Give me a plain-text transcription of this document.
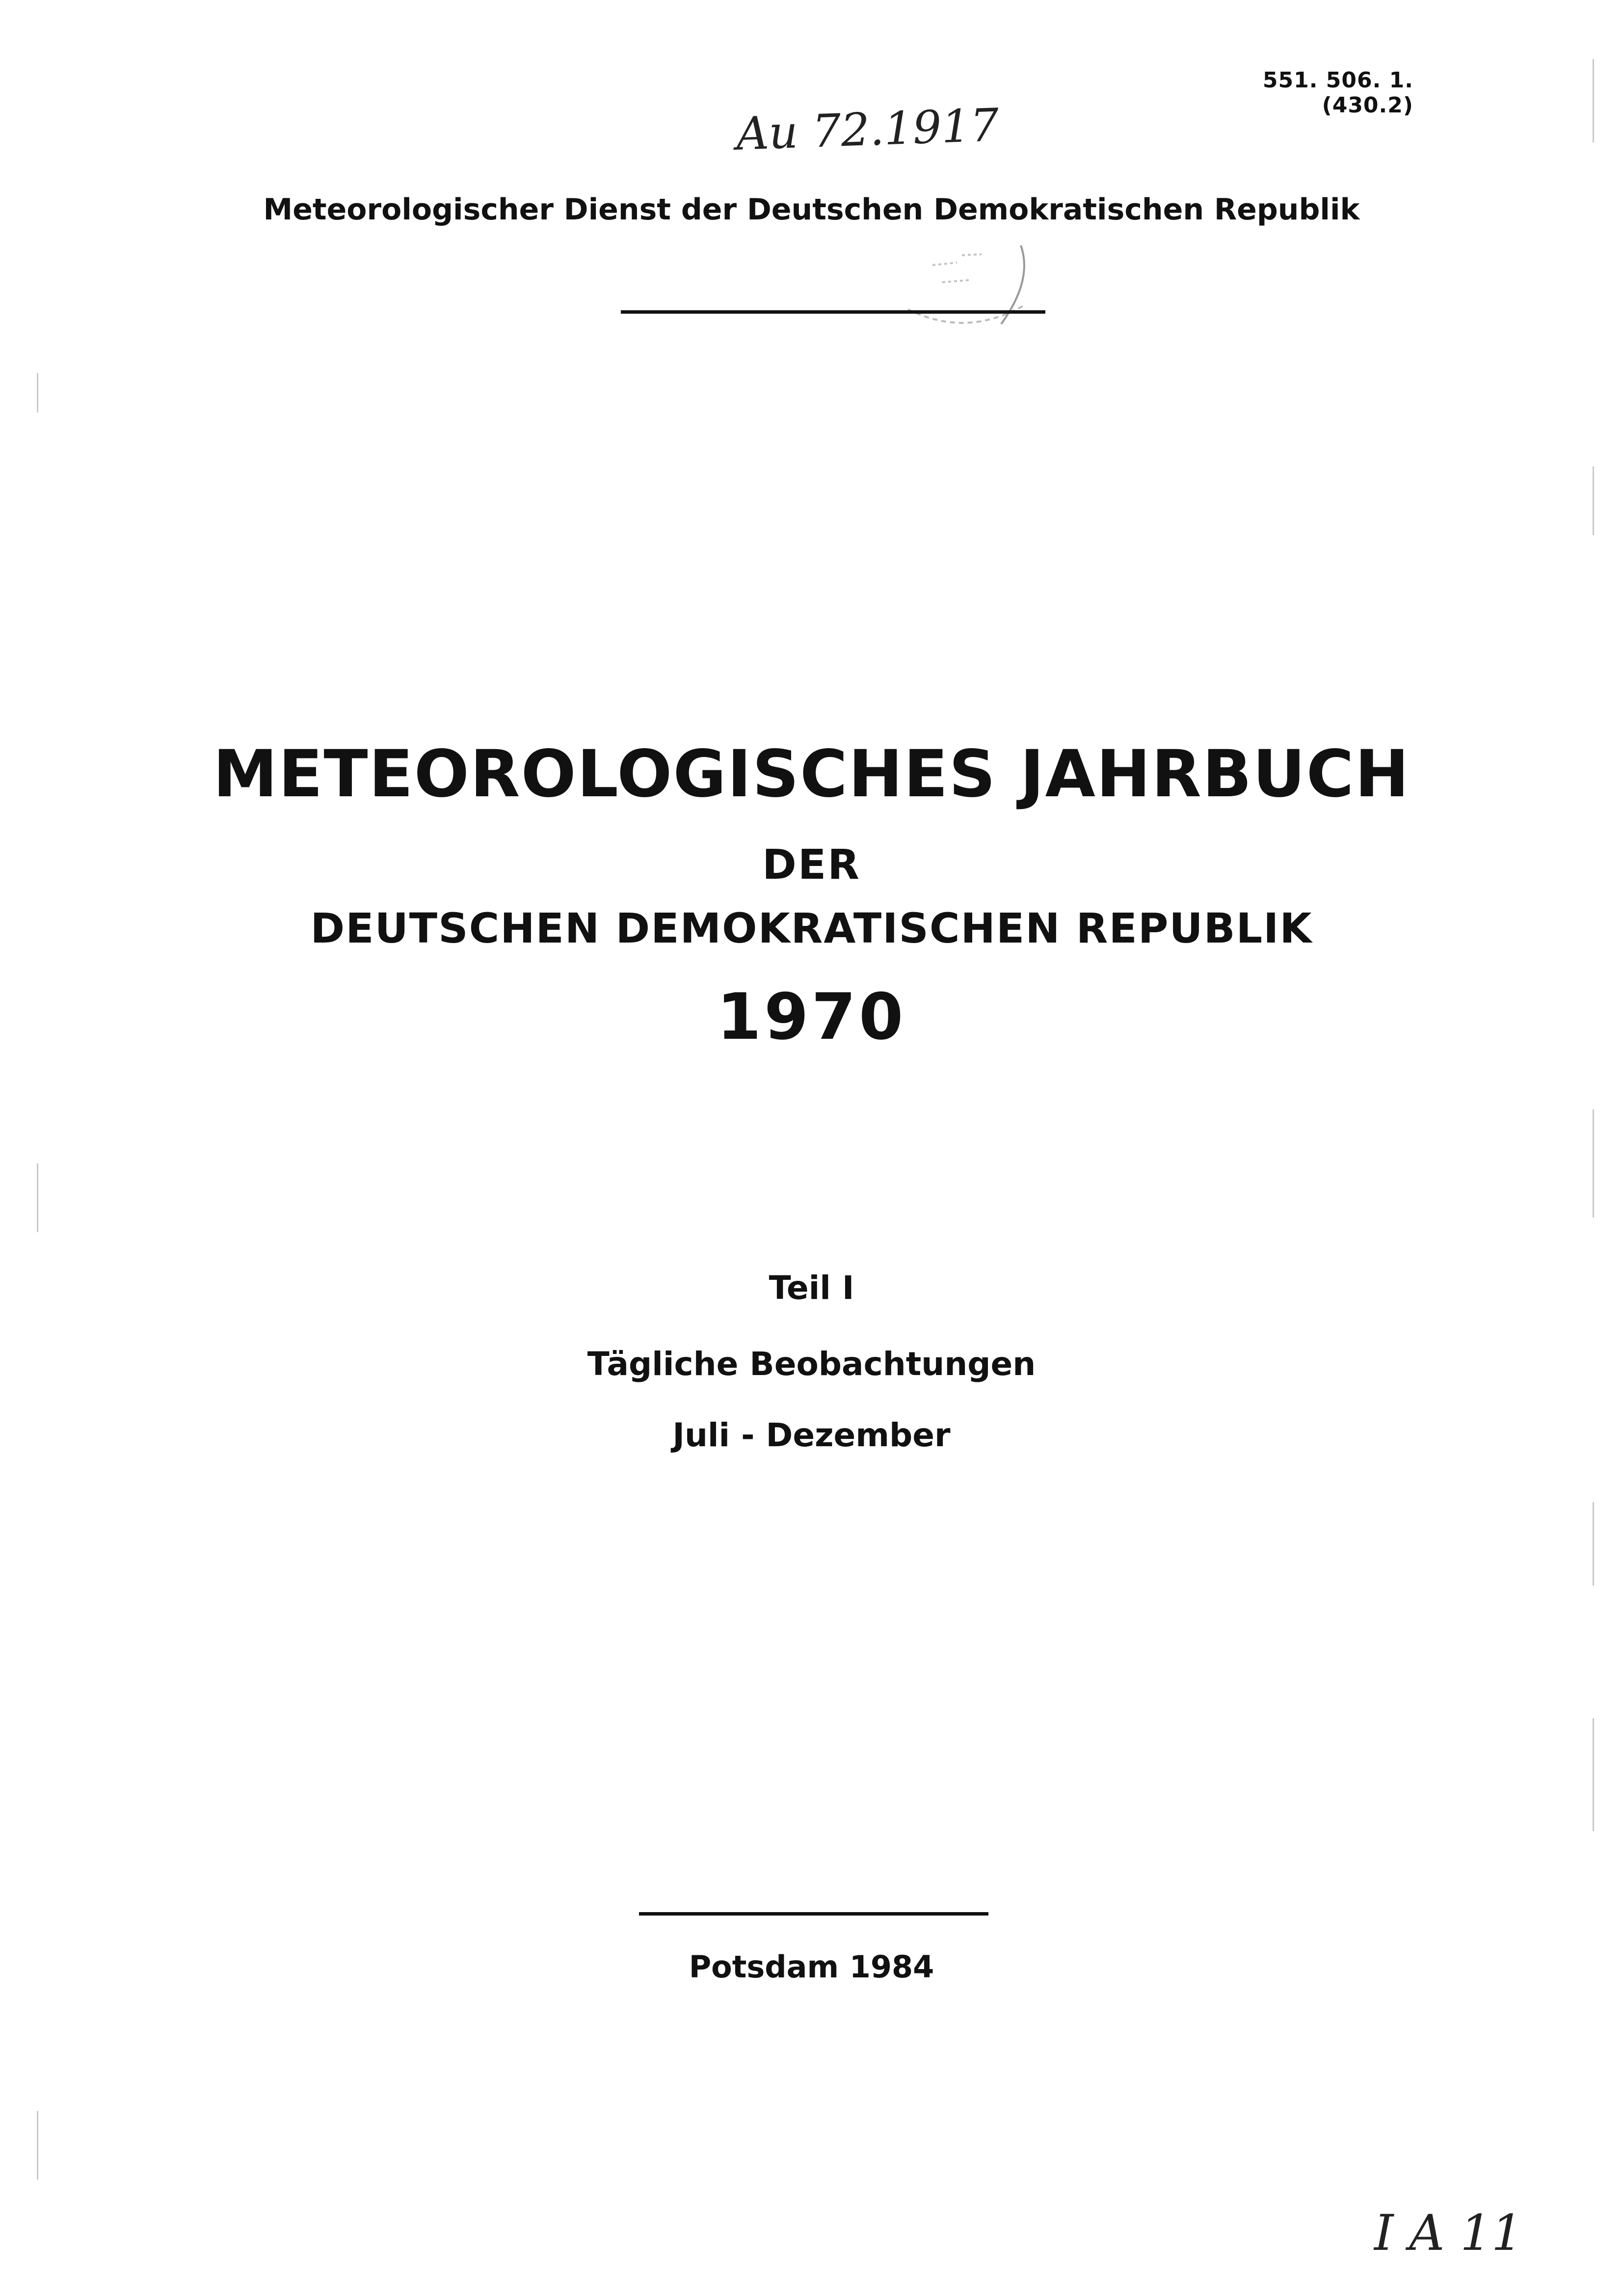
551. 506. 1. (430.2)
Au 72.1917
Meteorologischer Dienst der Deutschen Demokratischen Republik
METEOROLOGISCHES JAHRBUCH
DER
DEUTSCHEN DEMOKRATISCHEN REPUBLIK
1970
Teil I
Tägliche Beobachtungen
Juli - Dezember
Potsdam 1984
I A 11
